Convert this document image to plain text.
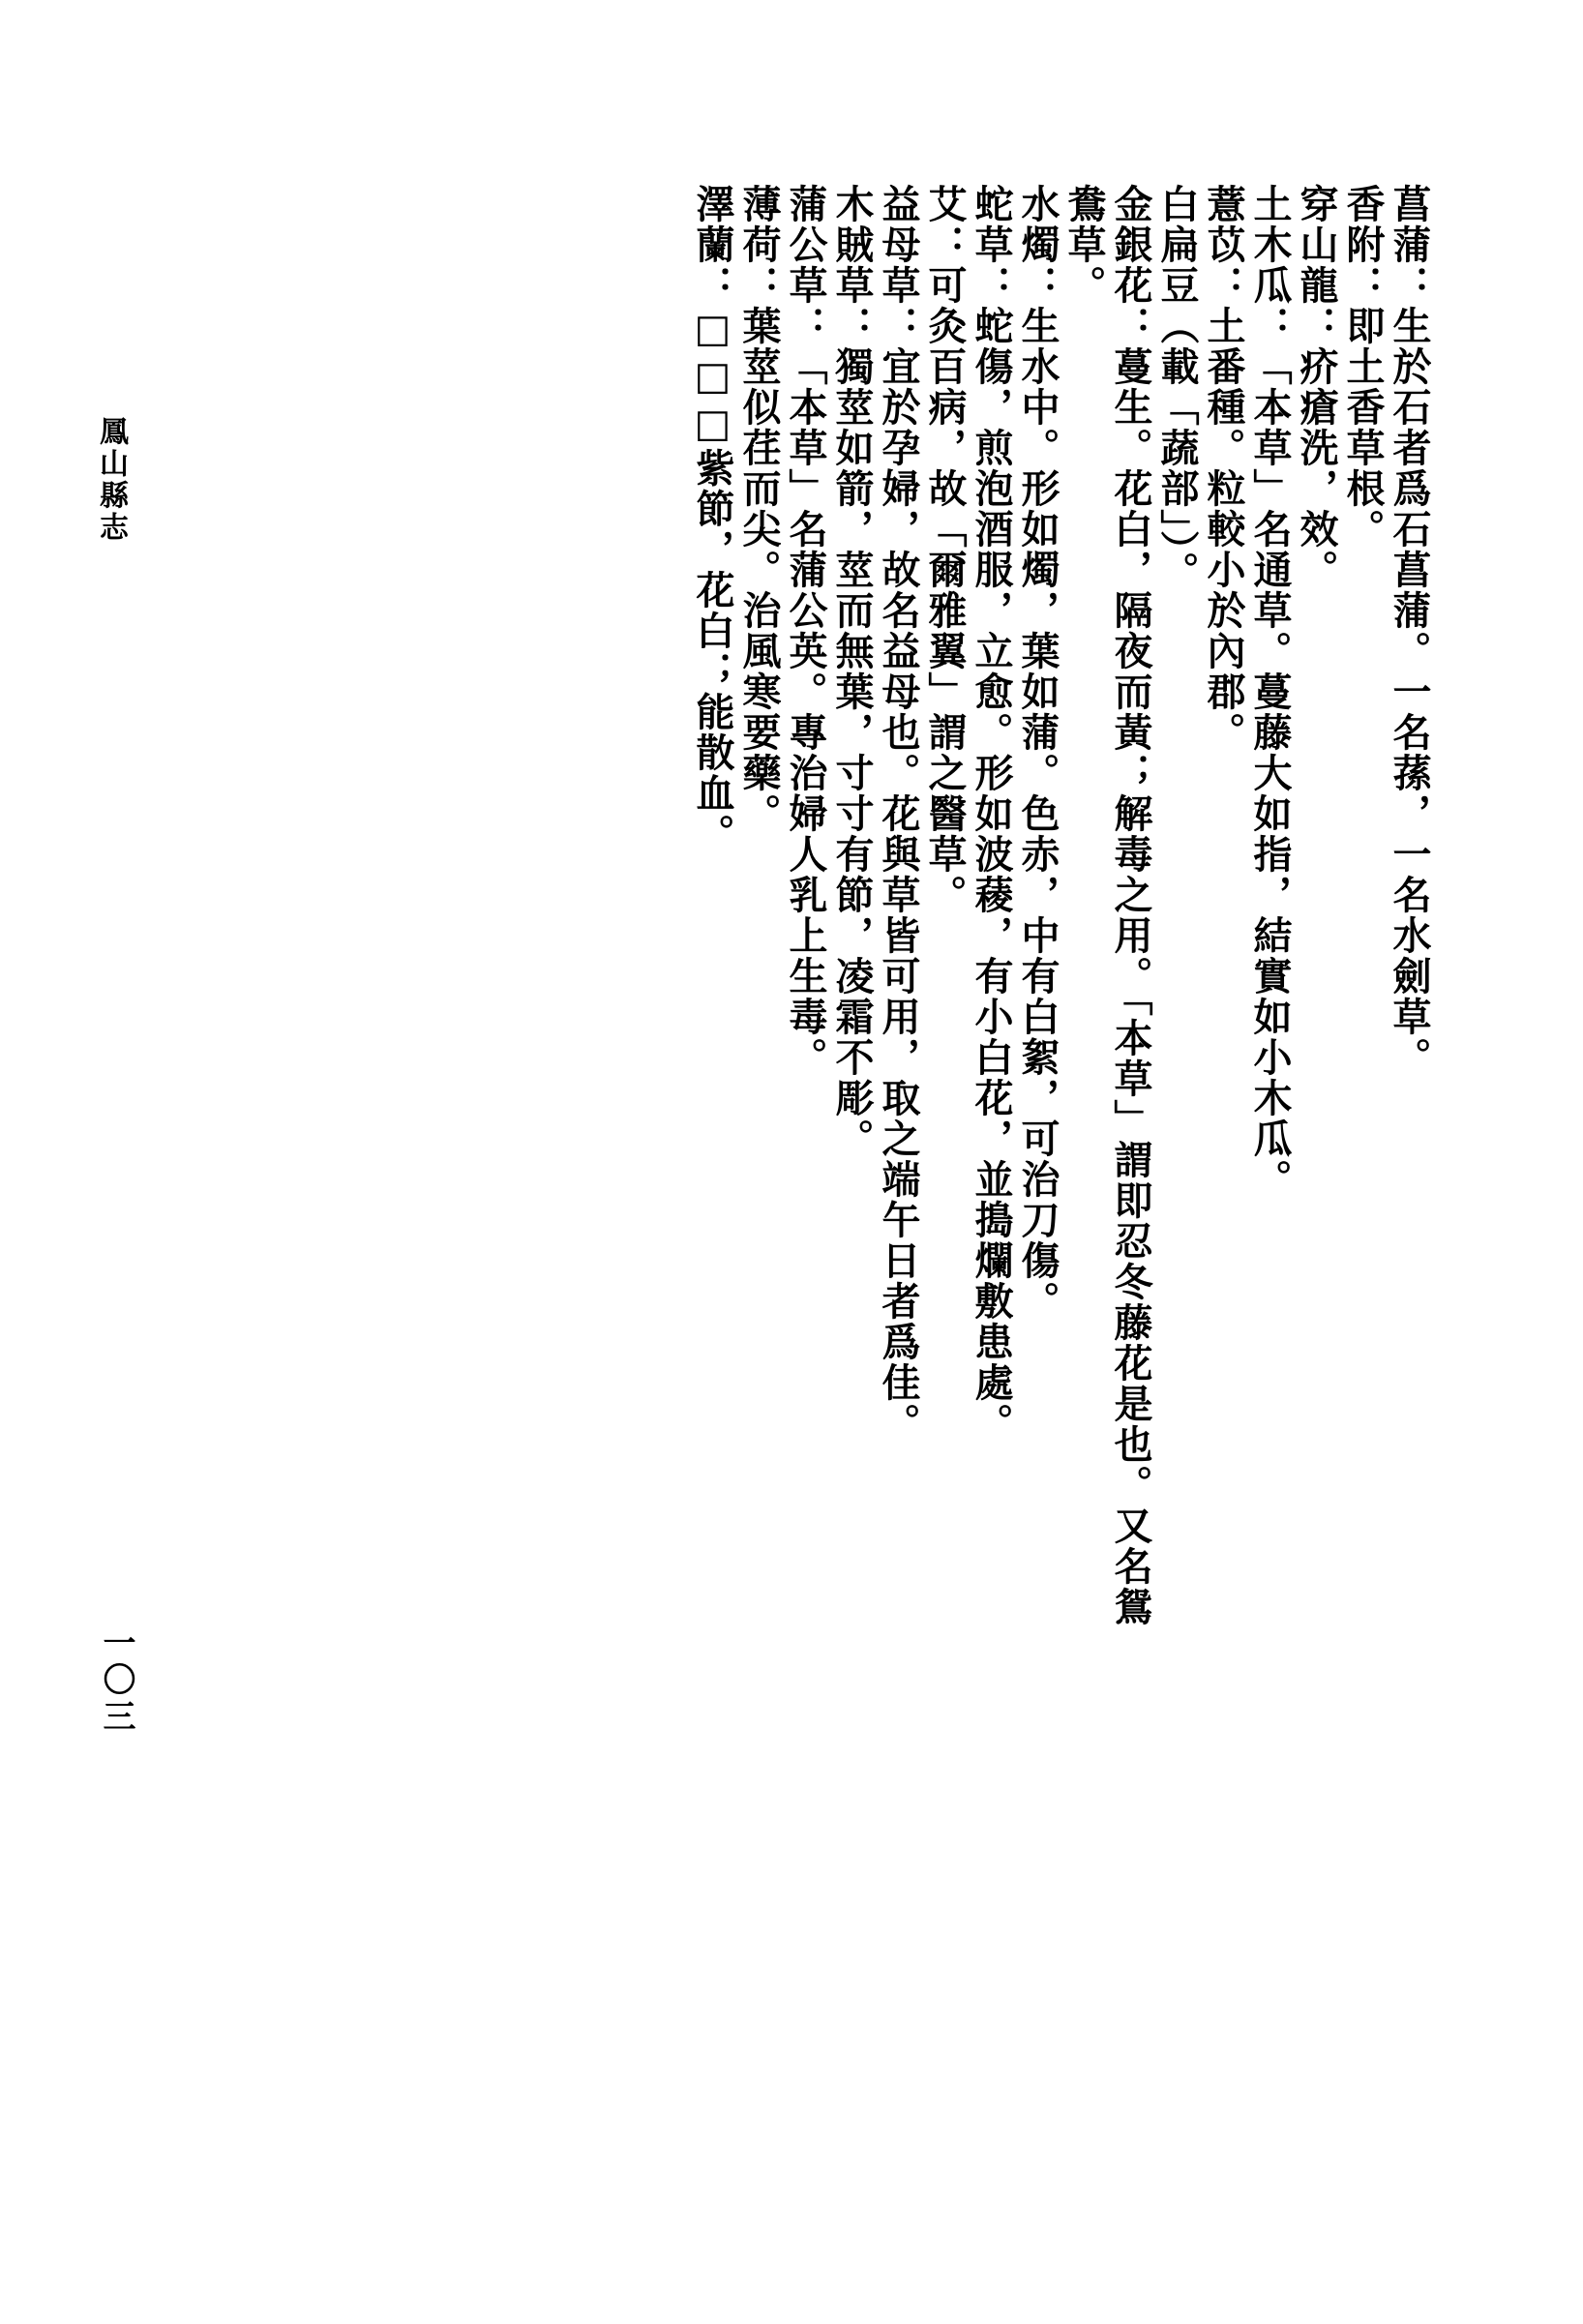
菖蒲：生於石者爲石菖蒲。一名蓀，一名水劍草。
香附：即土香草根。
穿山龍：疥瘡洗，效。
土木瓜：「本草」名通草。蔓藤大如指，結實如小木瓜。
薏苡：土番種。粒較小於內郡。
白扁豆（載「蔬部」）。
金銀花：蔓生。花白，隔夜而黃；解毒之用。「本草」謂即忍冬藤花是也。又名鴛
鴦草。
水燭：生水中。形如燭，葉如蒲。色赤，中有白絮，可治刀傷。
蛇草：蛇傷，煎泡酒服，立愈。形如波薐，有小白花，並搗爛敷患處。
艾：可灸百病，故「爾雅翼」謂之醫草。
益母草：宜於孕婦，故名益母也。花與草皆可用，取之端午日者爲佳。
木賊草：獨莖如箭，莖而無葉，寸寸有節，凌霜不彫。
蒲公草：「本草」名蒲公英。專治婦人乳上生毒。
薄荷：葉莖似荏而尖。治風寒要藥。
澤蘭：□□□紫節，花白；能散血。
鳳山縣志
一〇三
